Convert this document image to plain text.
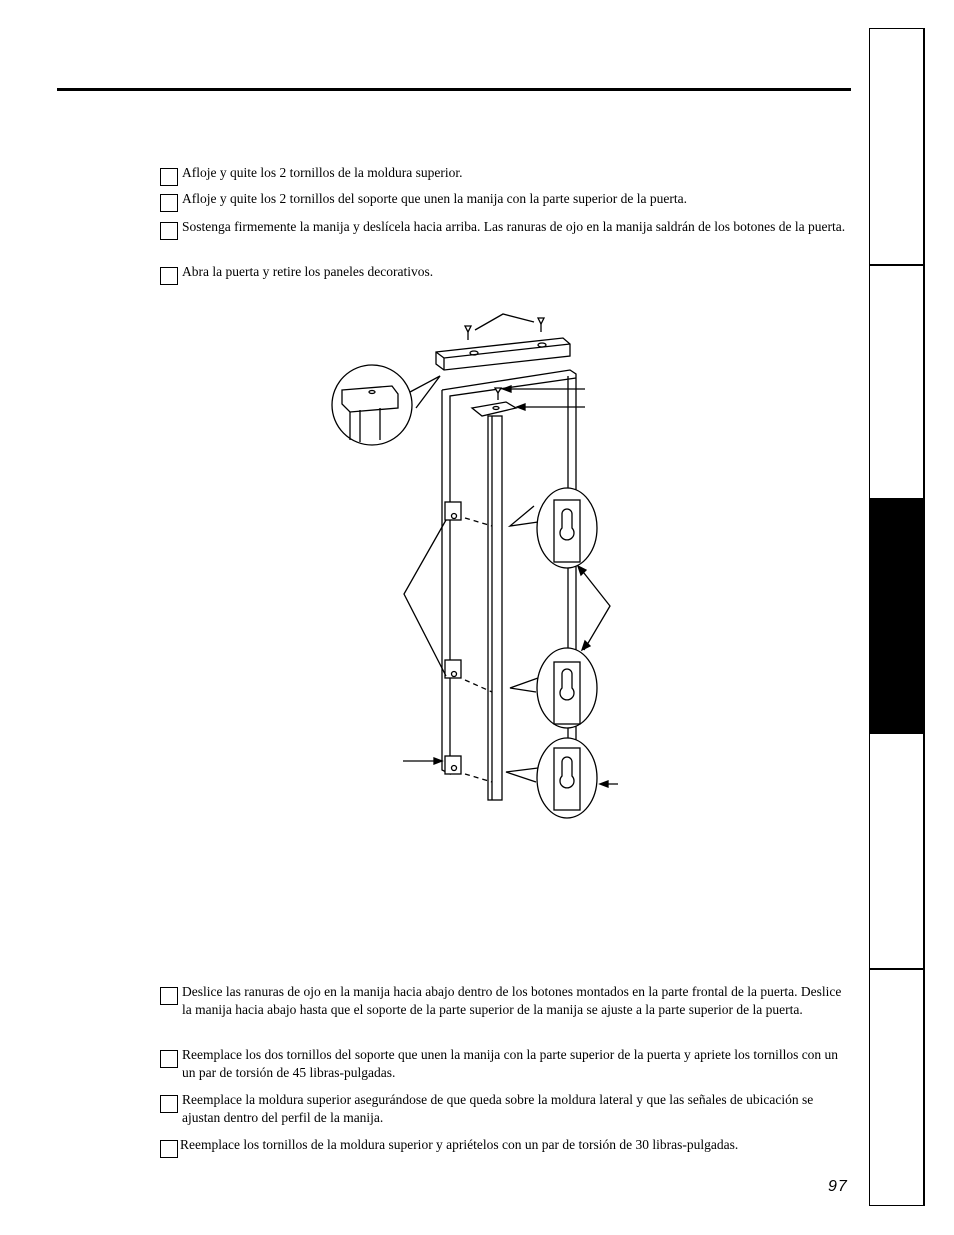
Afloje y quite los 2 tornillos de la moldura superior.
Afloje y quite los 2 tornillos del soporte que unen la manija con la parte superior de la puerta.
Sostenga firmemente la manija y deslícela hacia arriba. Las ranuras de ojo en la manija saldrán de los botones de la puerta.
Abra la puerta y retire los paneles decorativos.
Deslice las ranuras de ojo en la manija hacia abajo dentro de los botones montados en la parte frontal de la puerta. Deslice la manija hacia abajo hasta que el soporte de la parte superior de la manija se ajuste a la parte superior de la puerta.
Reemplace los dos tornillos del soporte que unen la manija con la parte superior de la puerta y apriete los tornillos con un un par de torsión de 45 libras-pulgadas.
Reemplace la moldura superior asegurándose de que queda sobre la moldura lateral y que las señales de ubicación se ajustan dentro del perfil de la manija.
Reemplace los tornillos de la moldura superior y apriételos con un par de torsión de 30 libras-pulgadas.
97
